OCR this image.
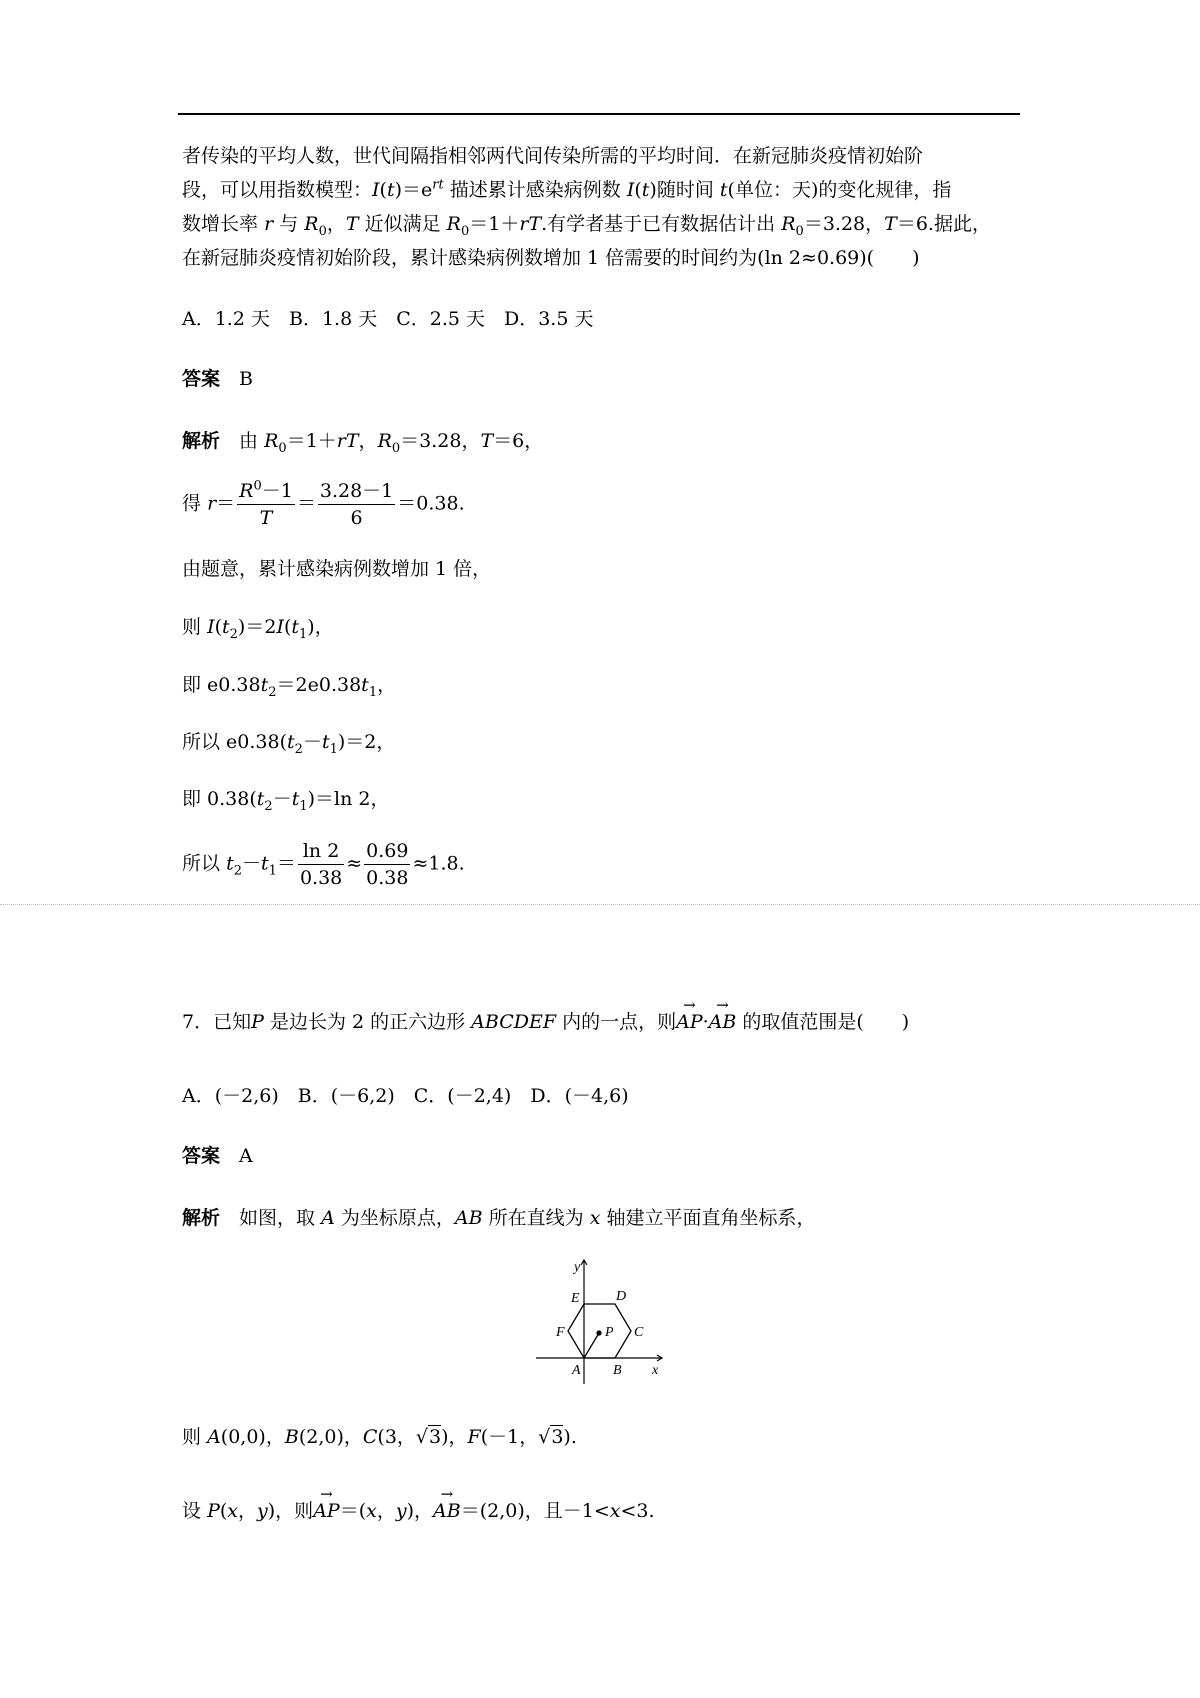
者传染的平均人数，世代间隔指相邻两代间传染所需的平均时间．在新冠肺炎疫情初始阶
段，可以用指数模型：$I(t)=e^{rt}$ 描述累计感染病例数 I(t)随时间 t(单位：天)的变化规律，指
数增长率 r 与 $R_0$，T 近似满足 $R_0=1+rT$.有学者基于已有数据估计出 $R_0=3.28$，T＝6.据此，
在新冠肺炎疫情初始阶段，累计感染病例数增加 1 倍需要的时间约为(ln 2≈0.69)(　　)
A．1.2 天　B．1.8 天　C．2.5 天　D．3.5 天
答案　 B
解析　 由 $R_0=1+rT$，$R_0=3.28$，T＝6，
得 $r= \frac{R^0-1}{T} = \frac{3.28-1}{6} =0.38$.
由题意，累计感染病例数增加 1 倍，
则 $I(t_2)=2I(t_1)$，
即 $e0.38t_2=2e0.38t_1$，
所以 $e0.38(t_2-t_1)=2$，
即 $0.38(t_2-t_1)=\ln$ 2，
所以 $t_2-t_1= \frac{\ln 2}{0.38} \approx \frac{0.69}{0.38} \approx 1.8$.
7．已知P 是边长为 2 的正六边形 ABCDEF 内的一点，则→ AP·→ AB 的取值范围是(　　)
A．(－2,6)　B．(－6,2)　C．(－2,4)　D．(－4,6)
答案　 A
解析　 如图，取 A 为坐标原点，AB 所在直线为 x 轴建立平面直角坐标系，
y
x
A B
C
D
E
F	P
则 A(0,0)，B(2,0)，C(3，√3)，F(－1，√3).
设 P(x，y)，则→ AP＝(x，y)，→ AB＝(2,0)，且－1<x<3.
